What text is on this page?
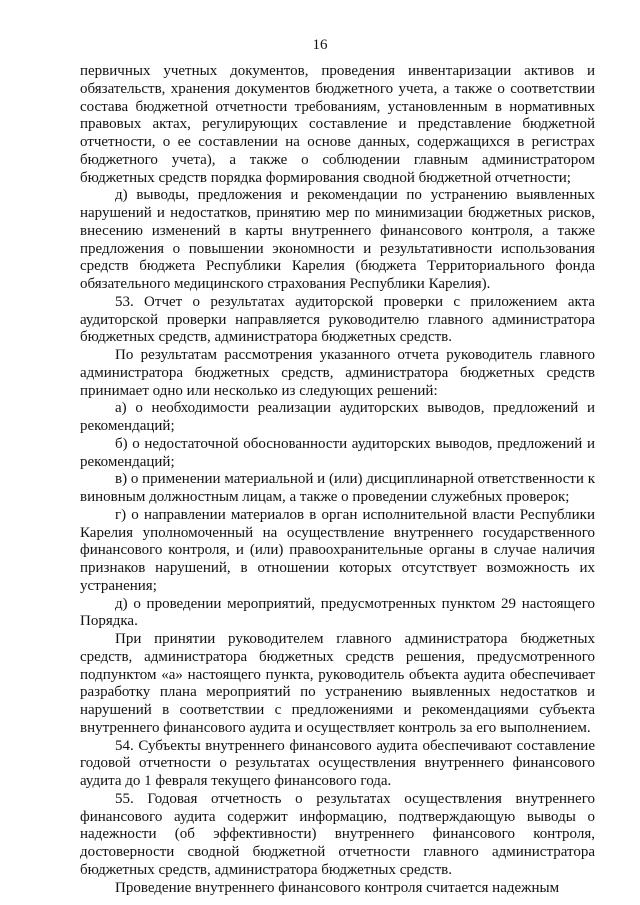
16

первичных учетных документов, проведения инвентаризации активов и обязательств, хранения документов бюджетного учета, а также о соответствии состава бюджетной отчетности требованиям, установленным в нормативных правовых актах, регулирующих составление и представление бюджетной отчетности, о ее составлении на основе данных, содержащихся в регистрах бюджетного учета), а также о соблюдении главным администратором бюджетных средств порядка формирования сводной бюджетной отчетности;

д) выводы, предложения и рекомендации по устранению выявленных нарушений и недостатков, принятию мер по минимизации бюджетных рисков, внесению изменений в карты внутреннего финансового контроля, а также предложения о повышении экономности и результативности использования средств бюджета Республики Карелия (бюджета Территориального фонда обязательного медицинского страхования Республики Карелия).

53. Отчет о результатах аудиторской проверки с приложением акта аудиторской проверки направляется руководителю главного администратора бюджетных средств, администратора бюджетных средств.

По результатам рассмотрения указанного отчета руководитель главного администратора бюджетных средств, администратора бюджетных средств принимает одно или несколько из следующих решений:

а) о необходимости реализации аудиторских выводов, предложений и рекомендаций;

б) о недостаточной обоснованности аудиторских выводов, предложений и рекомендаций;

в) о применении материальной и (или) дисциплинарной ответственности к виновным должностным лицам, а также о проведении служебных проверок;

г) о направлении материалов в орган исполнительной власти Республики Карелия уполномоченный на осуществление внутреннего государственного финансового контроля, и (или) правоохранительные органы в случае наличия признаков нарушений, в отношении которых отсутствует возможность их устранения;

д) о проведении мероприятий, предусмотренных пунктом 29 настоящего Порядка.

При принятии руководителем главного администратора бюджетных средств, администратора бюджетных средств решения, предусмотренного подпунктом «а» настоящего пункта, руководитель объекта аудита обеспечивает разработку плана мероприятий по устранению выявленных недостатков и нарушений в соответствии с предложениями и рекомендациями субъекта внутреннего финансового аудита и осуществляет контроль за его выполнением.

54. Субъекты внутреннего финансового аудита обеспечивают составление годовой отчетности о результатах осуществления внутреннего финансового аудита до 1 февраля текущего финансового года.

55. Годовая отчетность о результатах осуществления внутреннего финансового аудита содержит информацию, подтверждающую выводы о надежности (об эффективности) внутреннего финансового контроля, достоверности сводной бюджетной отчетности главного администратора бюджетных средств, администратора бюджетных средств.

Проведение внутреннего финансового контроля считается надежным
